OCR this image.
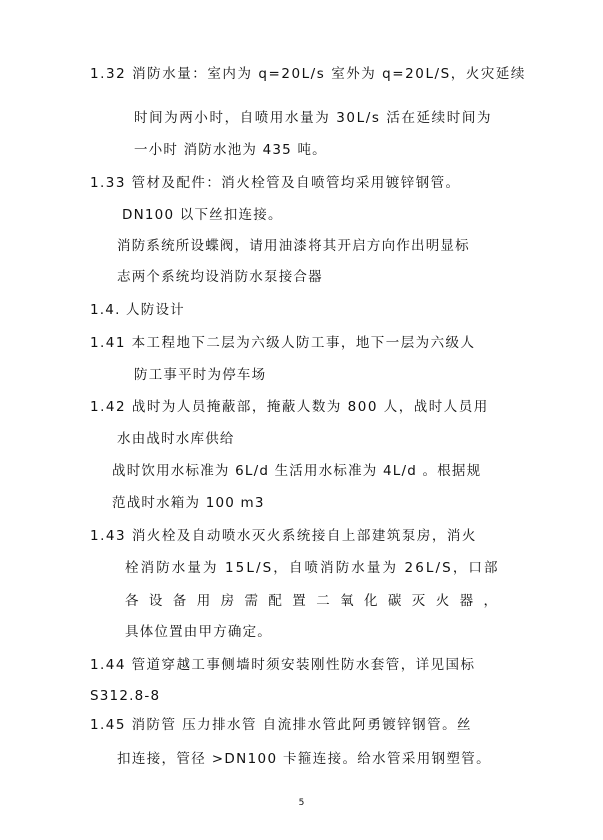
1.32 消防水量：室内为 q=20L/s 室外为 q=20L/S，火灾延续
时间为两小时，自喷用水量为 30L/s 活在延续时间为
一小时 消防水池为 435 吨。
1.33 管材及配件：消火栓管及自喷管均采用镀锌钢管。
DN100 以下丝扣连接。
消防系统所设蝶阀，请用油漆将其开启方向作出明显标
志两个系统均设消防水泵接合器
1.4. 人防设计
1.41 本工程地下二层为六级人防工事，地下一层为六级人
防工事平时为停车场
1.42 战时为人员掩蔽部，掩蔽人数为 800 人，战时人员用
水由战时水库供给
战时饮用水标准为 6L/d 生活用水标准为 4L/d 。根据规
范战时水箱为 100 m3
1.43 消火栓及自动喷水灭火系统接自上部建筑泵房，消火
栓消防水量为 15L/S，自喷消防水量为 26L/S，口部
各设备用房需配置二氧化碳灭火器，
具体位置由甲方确定。
1.44 管道穿越工事侧墙时须安装刚性防水套管，详见国标
S312.8-8
1.45 消防管 压力排水管 自流排水管此阿勇镀锌钢管。丝
扣连接，管径 >DN100 卡箍连接。给水管采用钢塑管。
5
